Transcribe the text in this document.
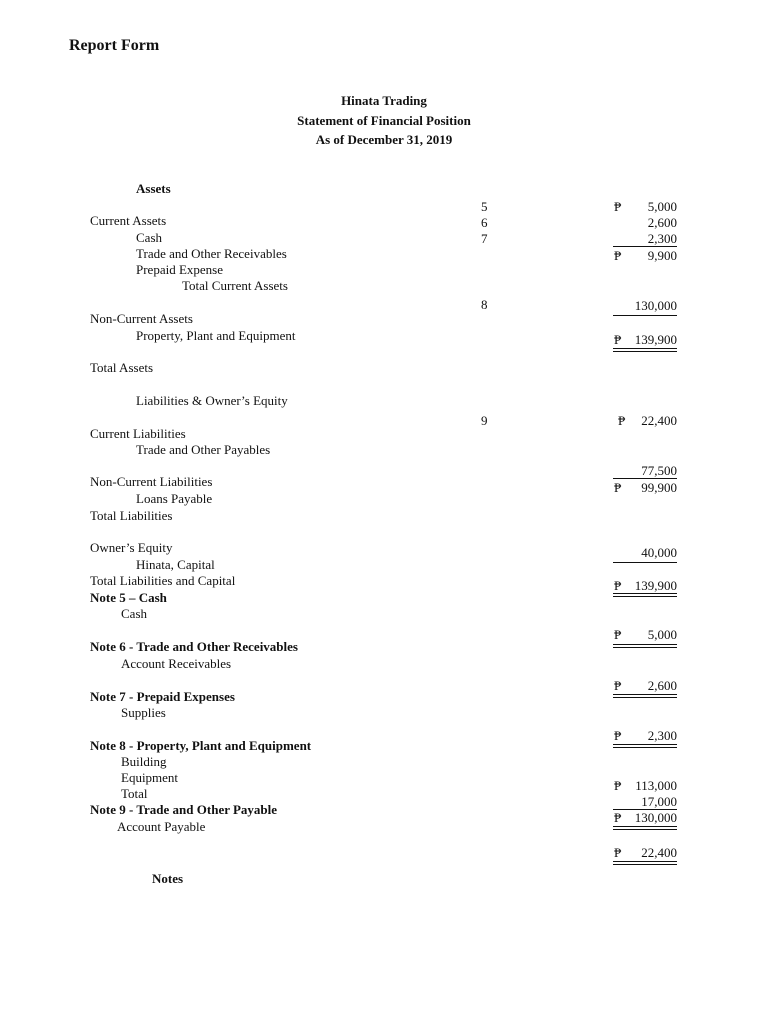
Report Form
Hinata Trading
Statement of Financial Position
As of December 31, 2019
Assets
Current Assets
Cash
Trade and Other Receivables
Prepaid Expense
Total Current Assets
Non-Current Assets
Property, Plant and Equipment
Total Assets
5
6
7
8
9
₱ 5,000
2,600
2,300
₱ 9,900
130,000
₱ 139,900
Liabilities & Owner’s Equity
Current Liabilities
Trade and Other Payables
Non-Current Liabilities
Loans Payable
Total Liabilities
Owner’s Equity
Hinata, Capital
Total Liabilities and Capital
₱ 22,400
77,500
₱ 99,900
40,000
₱ 139,900
Note 5 – Cash
Cash
₱ 5,000
Note 6 - Trade and Other Receivables
Account Receivables
₱ 2,600
Note 7 - Prepaid Expenses
Supplies
₱ 2,300
Note 8 - Property, Plant and Equipment
Building
Equipment
Total
₱ 113,000
17,000
₱ 130,000
Note 9 - Trade and Other Payable
Account Payable
₱ 22,400
Notes
